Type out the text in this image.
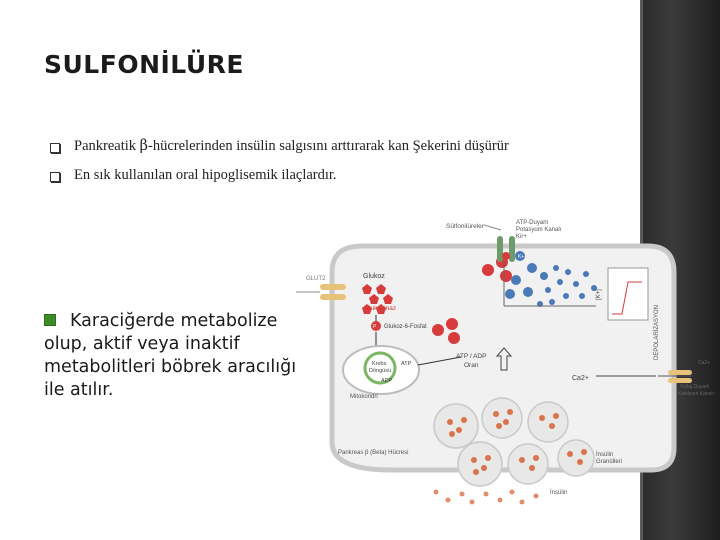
SULFONİLÜRE
Pankreatik β-hücrelerinden insülin salgısını arttırarak kan Şekerini düşürür
En sık kullanılan oral hipoglisemik ilaçlardır.
Karaciğerde metabolize olup, aktif veya inaktif metabolitleri böbrek aracılığı ile atılır.
GLUT2	Glukoz
Glukokinaz
P Glukoz-6-Fosfat
Krebs
Döngüsü
ATP
ADP
Mitokondri
ATP / ADP
Oran
Sülfonilüreler	ATP-Duyarlı
Potasyum Kanalı
Kir+
K+
[K+]
DEPOLARİZASYON
Ca2+
Voltaj Duyarlı
Kalsiyum Kanalı
Ca2+
Pankreas β (Beta) Hücresi	İnsülin
Granülleri
İnsülin
